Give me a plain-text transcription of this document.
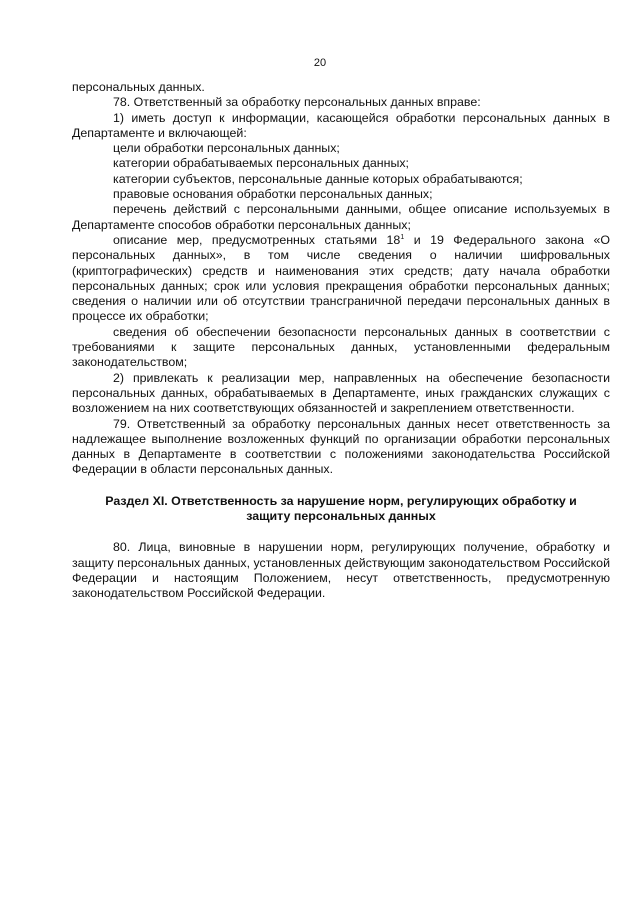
20

персональных данных.

78. Ответственный за обработку персональных данных вправе:

1) иметь доступ к информации, касающейся обработки персональных данных в Департаменте и включающей:

цели обработки персональных данных;

категории обрабатываемых персональных данных;

категории субъектов, персональные данные которых обрабатываются;

правовые основания обработки персональных данных;

перечень действий с персональными данными, общее описание используемых в Департаменте способов обработки персональных данных;

описание мер, предусмотренных статьями $18^1$ и 19 Федерального закона «О персональных данных», в том числе сведения о наличии шифровальных (криптографических) средств и наименования этих средств; дату начала обработки персональных данных; срок или условия прекращения обработки персональных данных; сведения о наличии или об отсутствии трансграничной передачи персональных данных в процессе их обработки;

сведения об обеспечении безопасности персональных данных в соответствии с требованиями к защите персональных данных, установленными федеральным законодательством;

2) привлекать к реализации мер, направленных на обеспечение безопасности персональных данных, обрабатываемых в Департаменте, иных гражданских служащих с возложением на них соответствующих обязанностей и закреплением ответственности.

79. Ответственный за обработку персональных данных несет ответственность за надлежащее выполнение возложенных функций по организации обработки персональных данных в Департаменте в соответствии с положениями законодательства Российской Федерации в области персональных данных.

Раздел XI. Ответственность за нарушение норм, регулирующих обработку и защиту персональных данных

80. Лица, виновные в нарушении норм, регулирующих получение, обработку и защиту персональных данных, установленных действующим законодательством Российской Федерации и настоящим Положением, несут ответственность, предусмотренную законодательством Российской Федерации.
